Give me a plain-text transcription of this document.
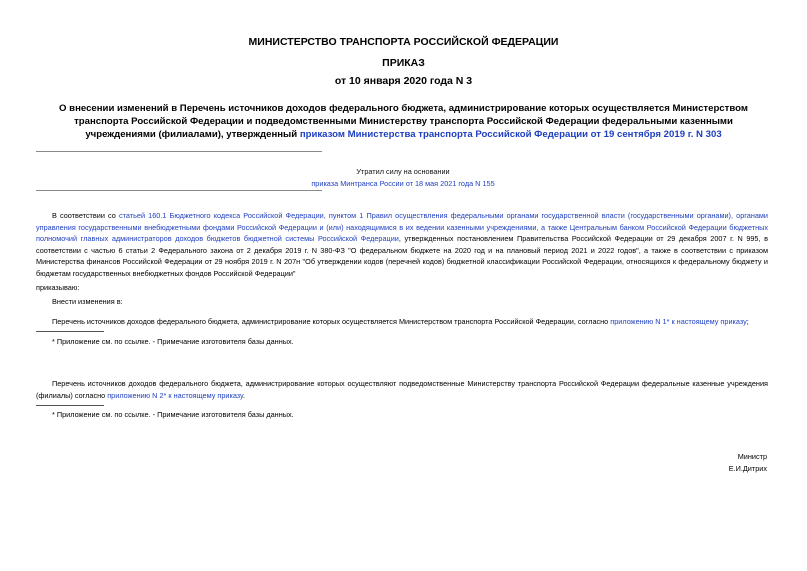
МИНИСТЕРСТВО ТРАНСПОРТА РОССИЙСКОЙ ФЕДЕРАЦИИ
ПРИКАЗ
от 10 января 2020 года N 3
О внесении изменений в Перечень источников доходов федерального бюджета, администрирование которых осуществляется Министерством транспорта Российской Федерации и подведомственными Министерству транспорта Российской Федерации федеральными казенными учреждениями (филиалами), утвержденный приказом Министерства транспорта Российской Федерации от 19 сентября 2019 г. N 303
Утратил силу на основании
приказа Минтранса России от 18 мая 2021 года N 155
В соответствии со статьей 160.1 Бюджетного кодекса Российской Федерации, пунктом 1 Правил осуществления федеральными органами государственной власти (государственными органами), органами управления государственными внебюджетными фондами Российской Федерации и (или) находящимися в их ведении казенными учреждениями, а также Центральным банком Российской Федерации бюджетных полномочий главных администраторов доходов бюджетов бюджетной системы Российской Федерации, утвержденных постановлением Правительства Российской Федерации от 29 декабря 2007 г. N 995, в соответствии с частью 6 статьи 2 Федерального закона от 2 декабря 2019 г. N 380-ФЗ "О федеральном бюджете на 2020 год и на плановый период 2021 и 2022 годов", а также в соответствии с приказом Министерства финансов Российской Федерации от 29 ноября 2019 г. N 207н "Об утверждении кодов (перечней кодов) бюджетной классификации Российской Федерации, относящихся к федеральному бюджету и бюджетам государственных внебюджетных фондов Российской Федерации"
приказываю:
Внести изменения в:
Перечень источников доходов федерального бюджета, администрирование которых осуществляется Министерством транспорта Российской Федерации, согласно приложению N 1* к настоящему приказу;
* Приложение см. по ссылке. - Примечание изготовителя базы данных.
Перечень источников доходов федерального бюджета, администрирование которых осуществляют подведомственные Министерству транспорта Российской Федерации федеральные казенные учреждения (филиалы) согласно приложению N 2* к настоящему приказу.
* Приложение см. по ссылке. - Примечание изготовителя базы данных.
Министр
Е.И.Дитрих
